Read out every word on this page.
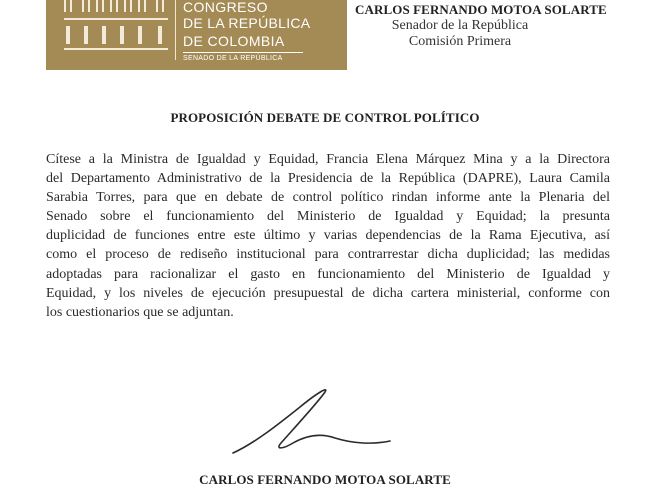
CONGRESO
DE LA REPÚBLICA
DE COLOMBIA
SENADO DE LA REPÚBLICA
CARLOS FERNANDO MOTOA SOLARTE
Senador de la República
Comisión Primera
PROPOSICIÓN DEBATE DE CONTROL POLÍTICO
Cítese a la Ministra de Igualdad y Equidad, Francia Elena Márquez Mina y a la Directora
del Departamento Administrativo de la Presidencia de la República (DAPRE), Laura Camila
Sarabia Torres, para que en debate de control político rindan informe ante la Plenaria del
Senado sobre el funcionamiento del Ministerio de Igualdad y Equidad; la presunta
duplicidad de funciones entre este último y varias dependencias de la Rama Ejecutiva, así
como el proceso de rediseño institucional para contrarrestar dicha duplicidad; las medidas
adoptadas para racionalizar el gasto en funcionamiento del Ministerio de Igualdad y
Equidad, y los niveles de ejecución presupuestal de dicha cartera ministerial, conforme con
los cuestionarios que se adjuntan.
CARLOS FERNANDO MOTOA SOLARTE
